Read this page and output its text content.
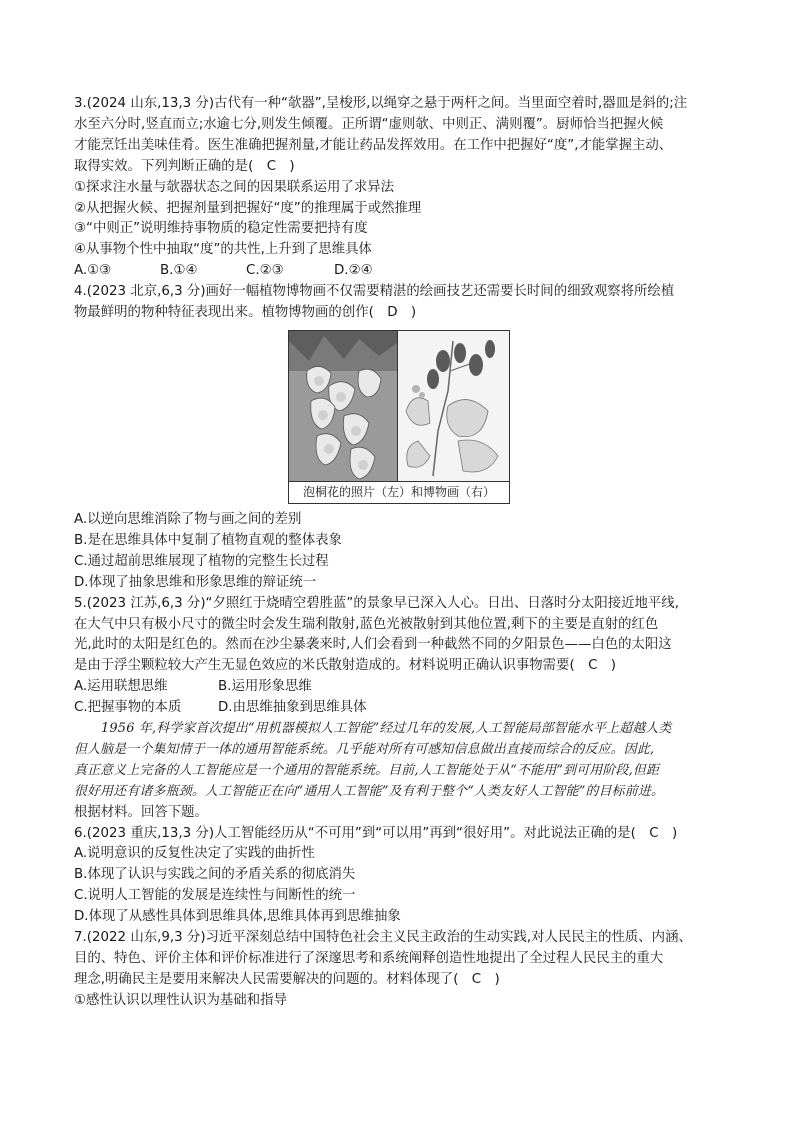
3.(2024 山东,13,3 分)古代有一种“欹器”,呈梭形,以绳穿之悬于两杆之间。当里面空着时,器皿是斜的;注
水至六分时,竖直而立;水逾七分,则发生倾覆。正所谓“虚则欹、中则正、满则覆”。厨师恰当把握火候
才能烹饪出美味佳肴。医生准确把握剂量,才能让药品发挥效用。在工作中把握好“度”,才能掌握主动、
取得实效。下列判断正确的是(　C　)
①探求注水量与欹器状态之间的因果联系运用了求异法
②从把握火候、把握剂量到把握好“度”的推理属于或然推理
③“中则正”说明维持事物质的稳定性需要把持有度
④从事物个性中抽取“度”的共性,上升到了思维具体
A.①③	B.①④	C.②③	D.②④
4.(2023 北京,6,3 分)画好一幅植物博物画不仅需要精湛的绘画技艺还需要长时间的细致观察将所绘植
物最鲜明的物种特征表现出来。植物博物画的创作(　D　)
泡桐花的照片（左）和博物画（右）
A.以逆向思维消除了物与画之间的差别
B.是在思维具体中复制了植物直观的整体表象
C.通过超前思维展现了植物的完整生长过程
D.体现了抽象思维和形象思维的辩证统一
5.(2023 江苏,6,3 分)“夕照红于烧晴空碧胜蓝”的景象早已深入人心。日出、日落时分太阳接近地平线,
在大气中只有极小尺寸的微尘时会发生瑞利散射,蓝色光被散射到其他位置,剩下的主要是直射的红色
光,此时的太阳是红色的。然而在沙尘暴袭来时,人们会看到一种截然不同的夕阳景色——白色的太阳这
是由于浮尘颗粒较大产生无显色效应的米氏散射造成的。材料说明正确认识事物需要(　C　)
A.运用联想思维	B.运用形象思维
C.把握事物的本质	D.由思维抽象到思维具体
1956 年,科学家首次提出“用机器模拟人工智能”经过几年的发展,人工智能局部智能水平上超越人类
但人脑是一个集知情于一体的通用智能系统。几乎能对所有可感知信息做出直接而综合的反应。因此,
真正意义上完备的人工智能应是一个通用的智能系统。目前,人工智能处于从“不能用”到可用阶段,但距
很好用还有诸多瓶颈。人工智能正在向“通用人工智能”及有利于整个“人类友好人工智能”的目标前进。
根据材料。回答下题。
6.(2023 重庆,13,3 分)人工智能经历从“不可用”到“可以用”再到“很好用”。对此说法正确的是(　C　)
A.说明意识的反复性决定了实践的曲折性
B.体现了认识与实践之间的矛盾关系的彻底消失
C.说明人工智能的发展是连续性与间断性的统一
D.体现了从感性具体到思维具体,思维具体再到思维抽象
7.(2022 山东,9,3 分)习近平深刻总结中国特色社会主义民主政治的生动实践,对人民民主的性质、内涵、
目的、特色、评价主体和评价标准进行了深邃思考和系统阐释创造性地提出了全过程人民民主的重大
理念,明确民主是要用来解决人民需要解决的问题的。材料体现了(　C　)
①感性认识以理性认识为基础和指导
